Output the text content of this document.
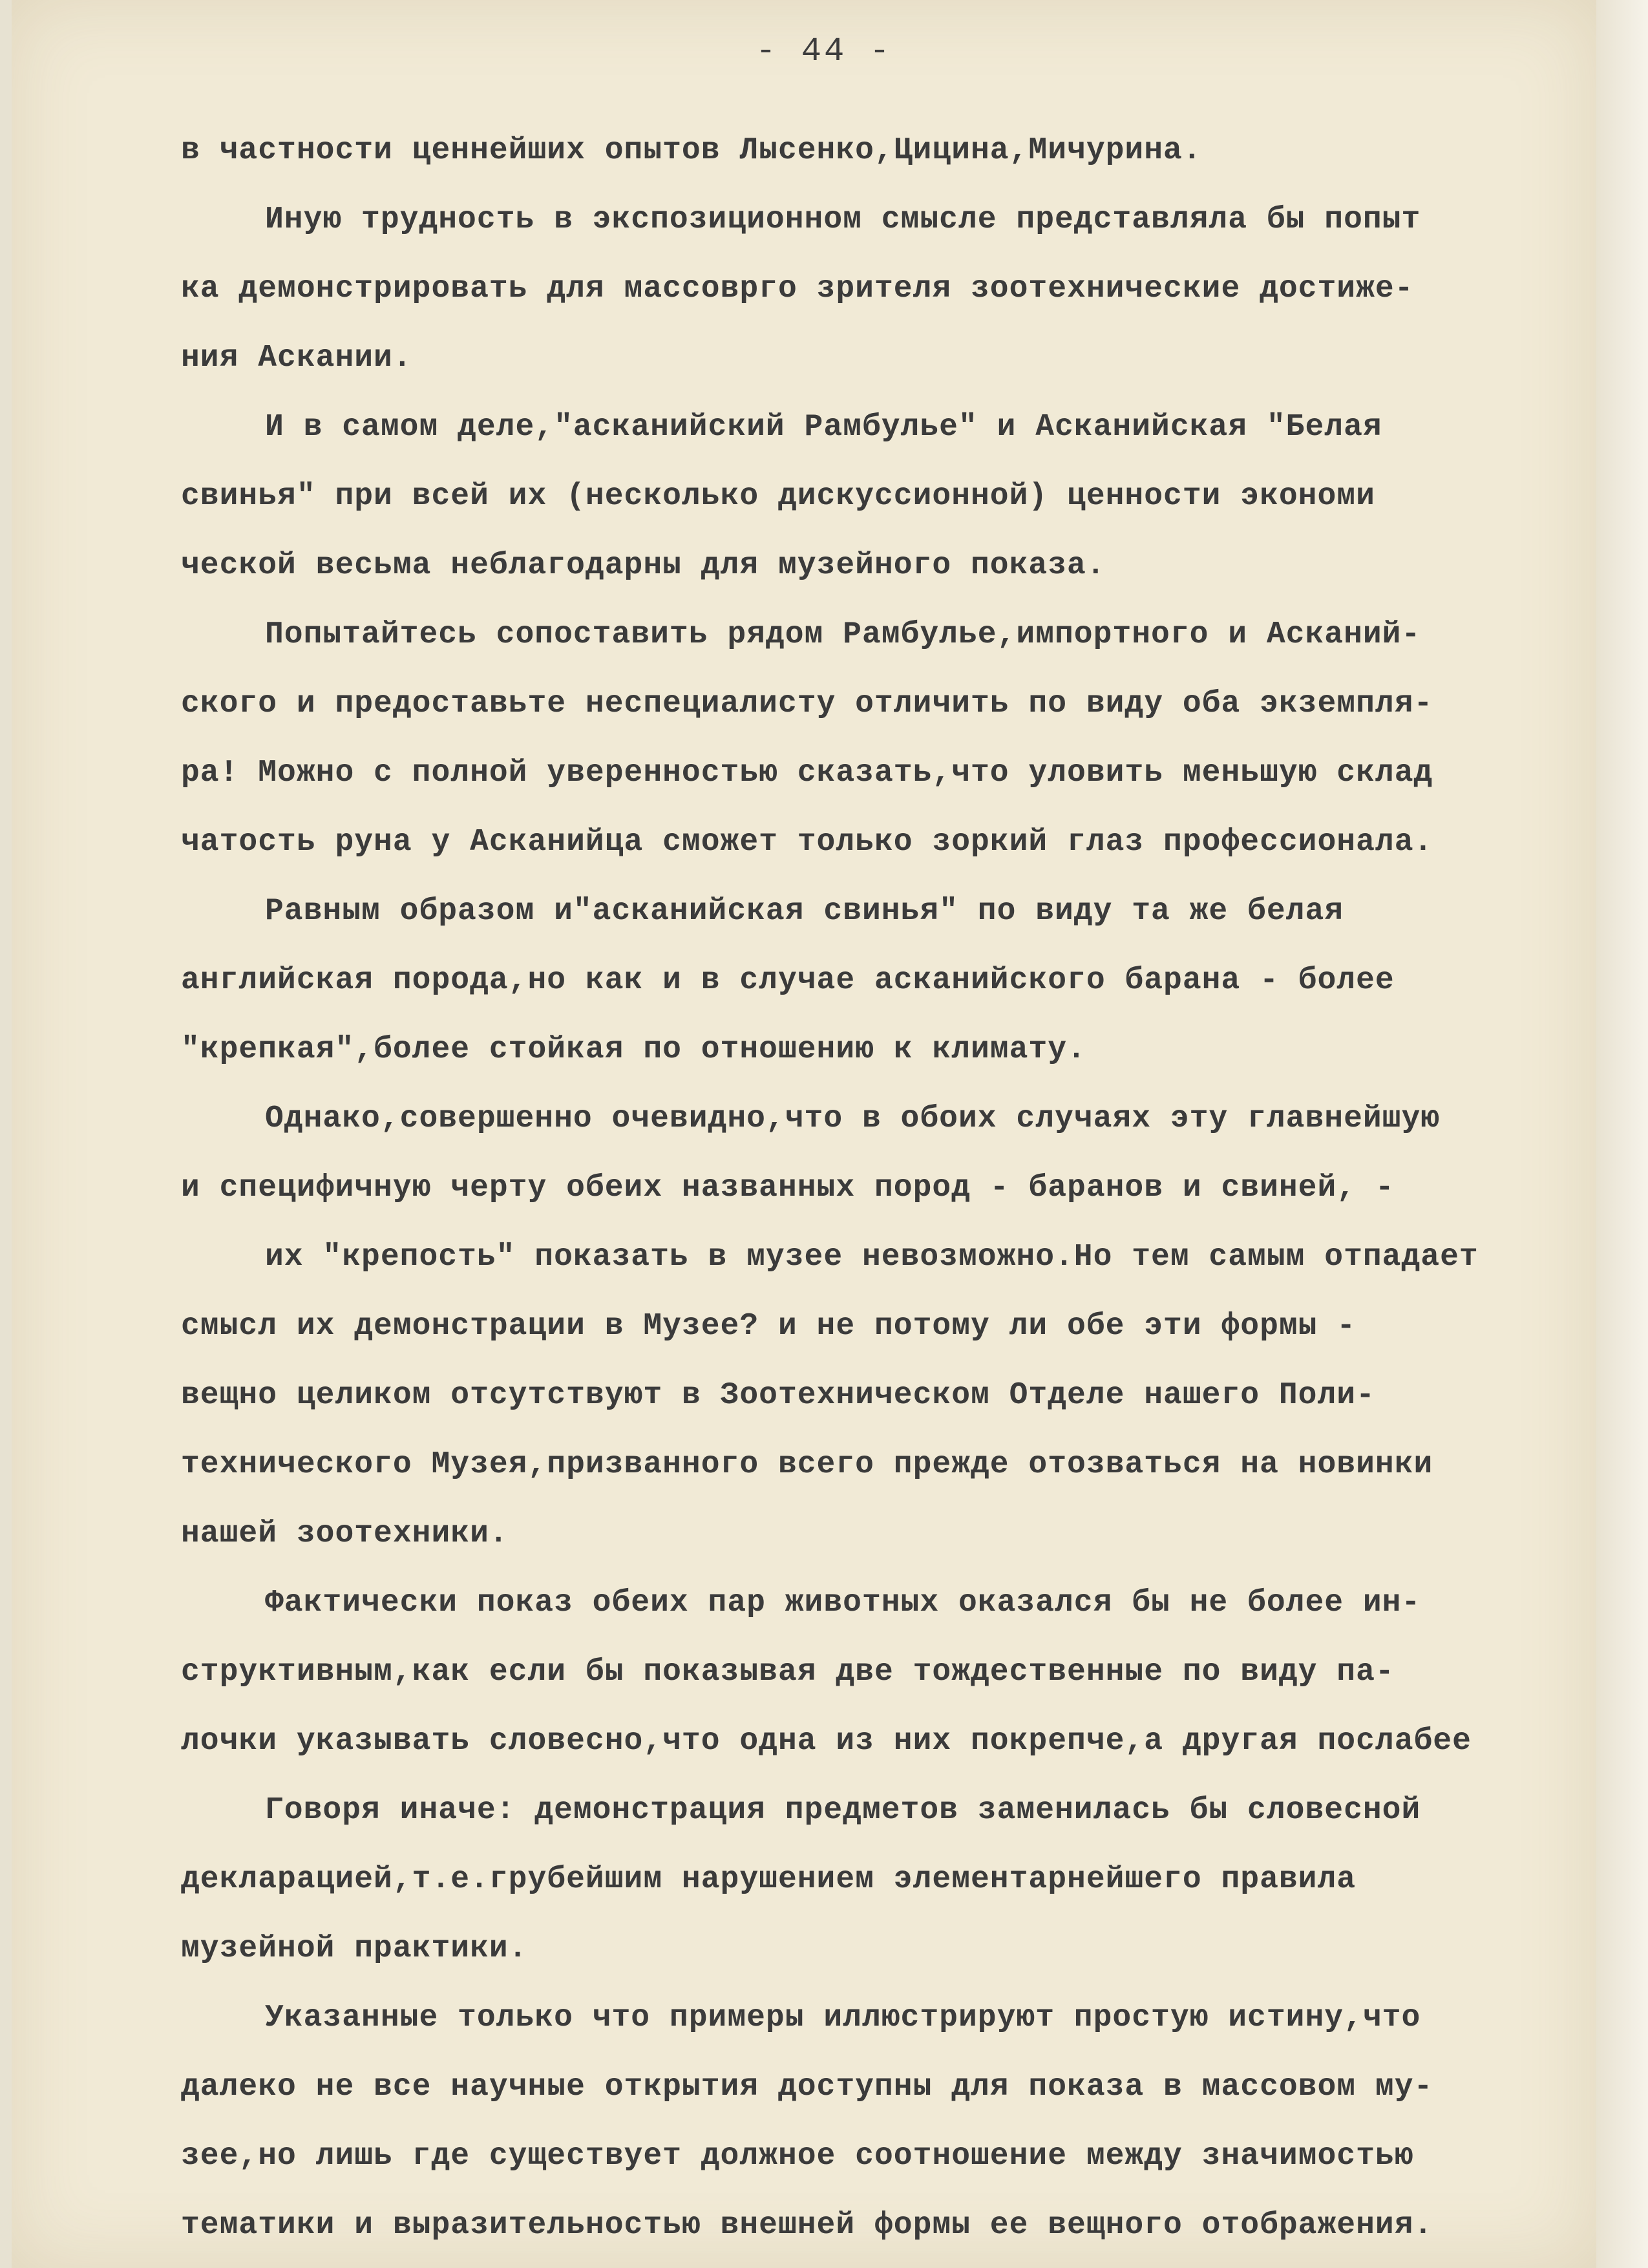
- 44 -
в частности ценнейших опытов Лысенко,Цицина,Мичурина.
Иную трудность в экспозиционном смысле представляла бы попыт
ка демонстрировать для массоврго зрителя зоотехнические достиже-
ния Аскании.
И в самом деле,"асканийский Рамбулье" и Асканийская "Белая
свинья" при всей их (несколько дискуссионной) ценности экономи
ческой весьма неблагодарны для музейного показа.
Попытайтесь сопоставить рядом Рамбулье,импортного и Асканий-
ского и предоставьте неспециалисту отличить по виду оба экземпля-
ра! Можно с полной уверенностью сказать,что уловить меньшую склад
чатость руна у Асканийца сможет только зоркий глаз профессионала.
Равным образом и"асканийская свинья" по виду та же белая
английская порода,но как и в случае асканийского барана - более
"крепкая",более стойкая по отношению к климату.
Однако,совершенно очевидно,что в обоих случаях эту главнейшую
и специфичную черту обеих названных пород - баранов и свиней, -
их "крепость" показать в музее невозможно.Но тем самым отпадает
смысл их демонстрации в Музее? и не потому ли обе эти формы -
вещно целиком отсутствуют в Зоотехническом Отделе нашего Поли-
технического Музея,призванного всего прежде отозваться на новинки
нашей зоотехники.
Фактически показ обеих пар животных оказался бы не более ин-
структивным,как если бы показывая две тождественные по виду па-
лочки указывать словесно,что одна из них покрепче,а другая послабее
Говоря иначе: демонстрация предметов заменилась бы словесной
декларацией,т.е.грубейшим нарушением элементарнейшего правила
музейной практики.
Указанные только что примеры иллюстрируют простую истину,что
далеко не все научные открытия доступны для показа в массовом му-
зее,но лишь где существует должное соотношение между значимостью
тематики и выразительностью внешней формы ее вещного отображения.
